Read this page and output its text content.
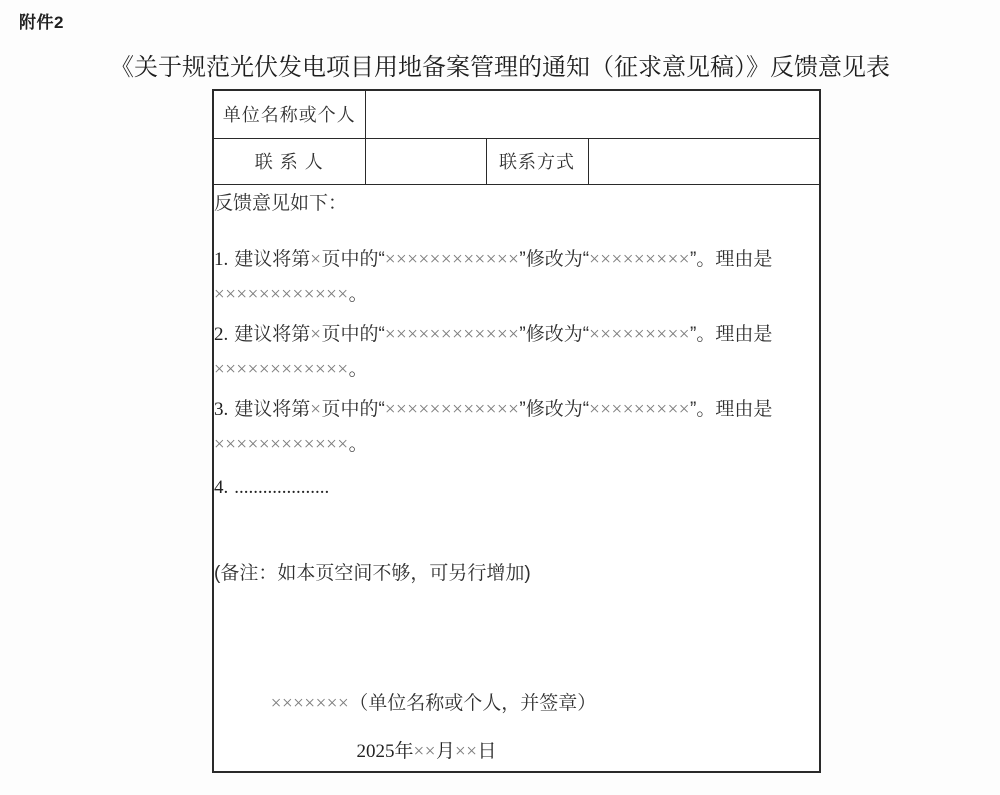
附件2
《关于规范光伏发电项目用地备案管理的通知（征求意见稿）》反馈意见表
单位名称或个人			
联 系 人		联系方式	

反馈意见如下：

1. 建议将第×页中的“××××××××××××”修改为“×××××××××”。理由是

××××××××××××。

2. 建议将第×页中的“××××××××××××”修改为“×××××××××”。理由是

××××××××××××。

3. 建议将第×页中的“××××××××××××”修改为“×××××××××”。理由是

××××××××××××。

4. ....................

(备注：如本页空间不够，可另行增加)

×××××××（单位名称或个人，并签章）

2025年××月××日
